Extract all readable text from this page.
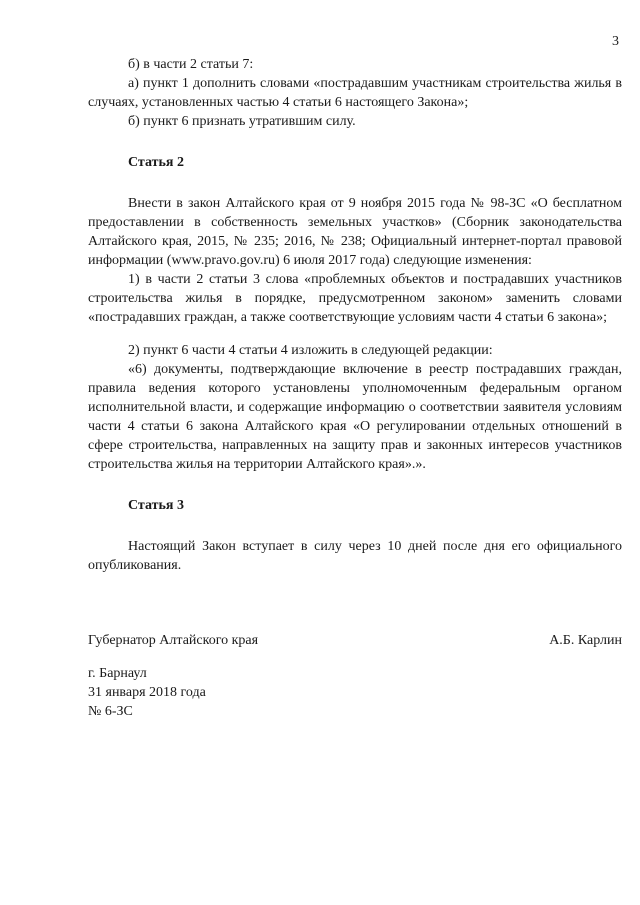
3

б) в части 2 статьи 7:

а) пункт 1 дополнить словами «пострадавшим участникам строительства жилья в случаях, установленных частью 4 статьи 6 настоящего Закона»;

б) пункт 6 признать утратившим силу.

Статья 2

Внести в закон Алтайского края от 9 ноября 2015 года № 98-ЗС «О бесплатном предоставлении в собственность земельных участков» (Сборник законодательства Алтайского края, 2015, № 235; 2016, № 238; Официальный интернет-портал правовой информации (www.pravo.gov.ru) 6 июля 2017 года) следующие изменения:

1) в части 2 статьи 3 слова «проблемных объектов и пострадавших участников строительства жилья в порядке, предусмотренном законом» заменить словами «пострадавших граждан, а также соответствующие условиям части 4 статьи 6 закона»;

2) пункт 6 части 4 статьи 4 изложить в следующей редакции:

«6) документы, подтверждающие включение в реестр пострадавших граждан, правила ведения которого установлены уполномоченным федеральным органом исполнительной власти, и содержащие информацию о соответствии заявителя условиям части 4 статьи 6 закона Алтайского края «О регулировании отдельных отношений в сфере строительства, направленных на защиту прав и законных интересов участников строительства жилья на территории Алтайского края».».

Статья 3

Настоящий Закон вступает в силу через 10 дней после дня его официального опубликования.

Губернатор Алтайского края	А.Б. Карлин

г. Барнаул

31 января 2018 года

№ 6-ЗС
